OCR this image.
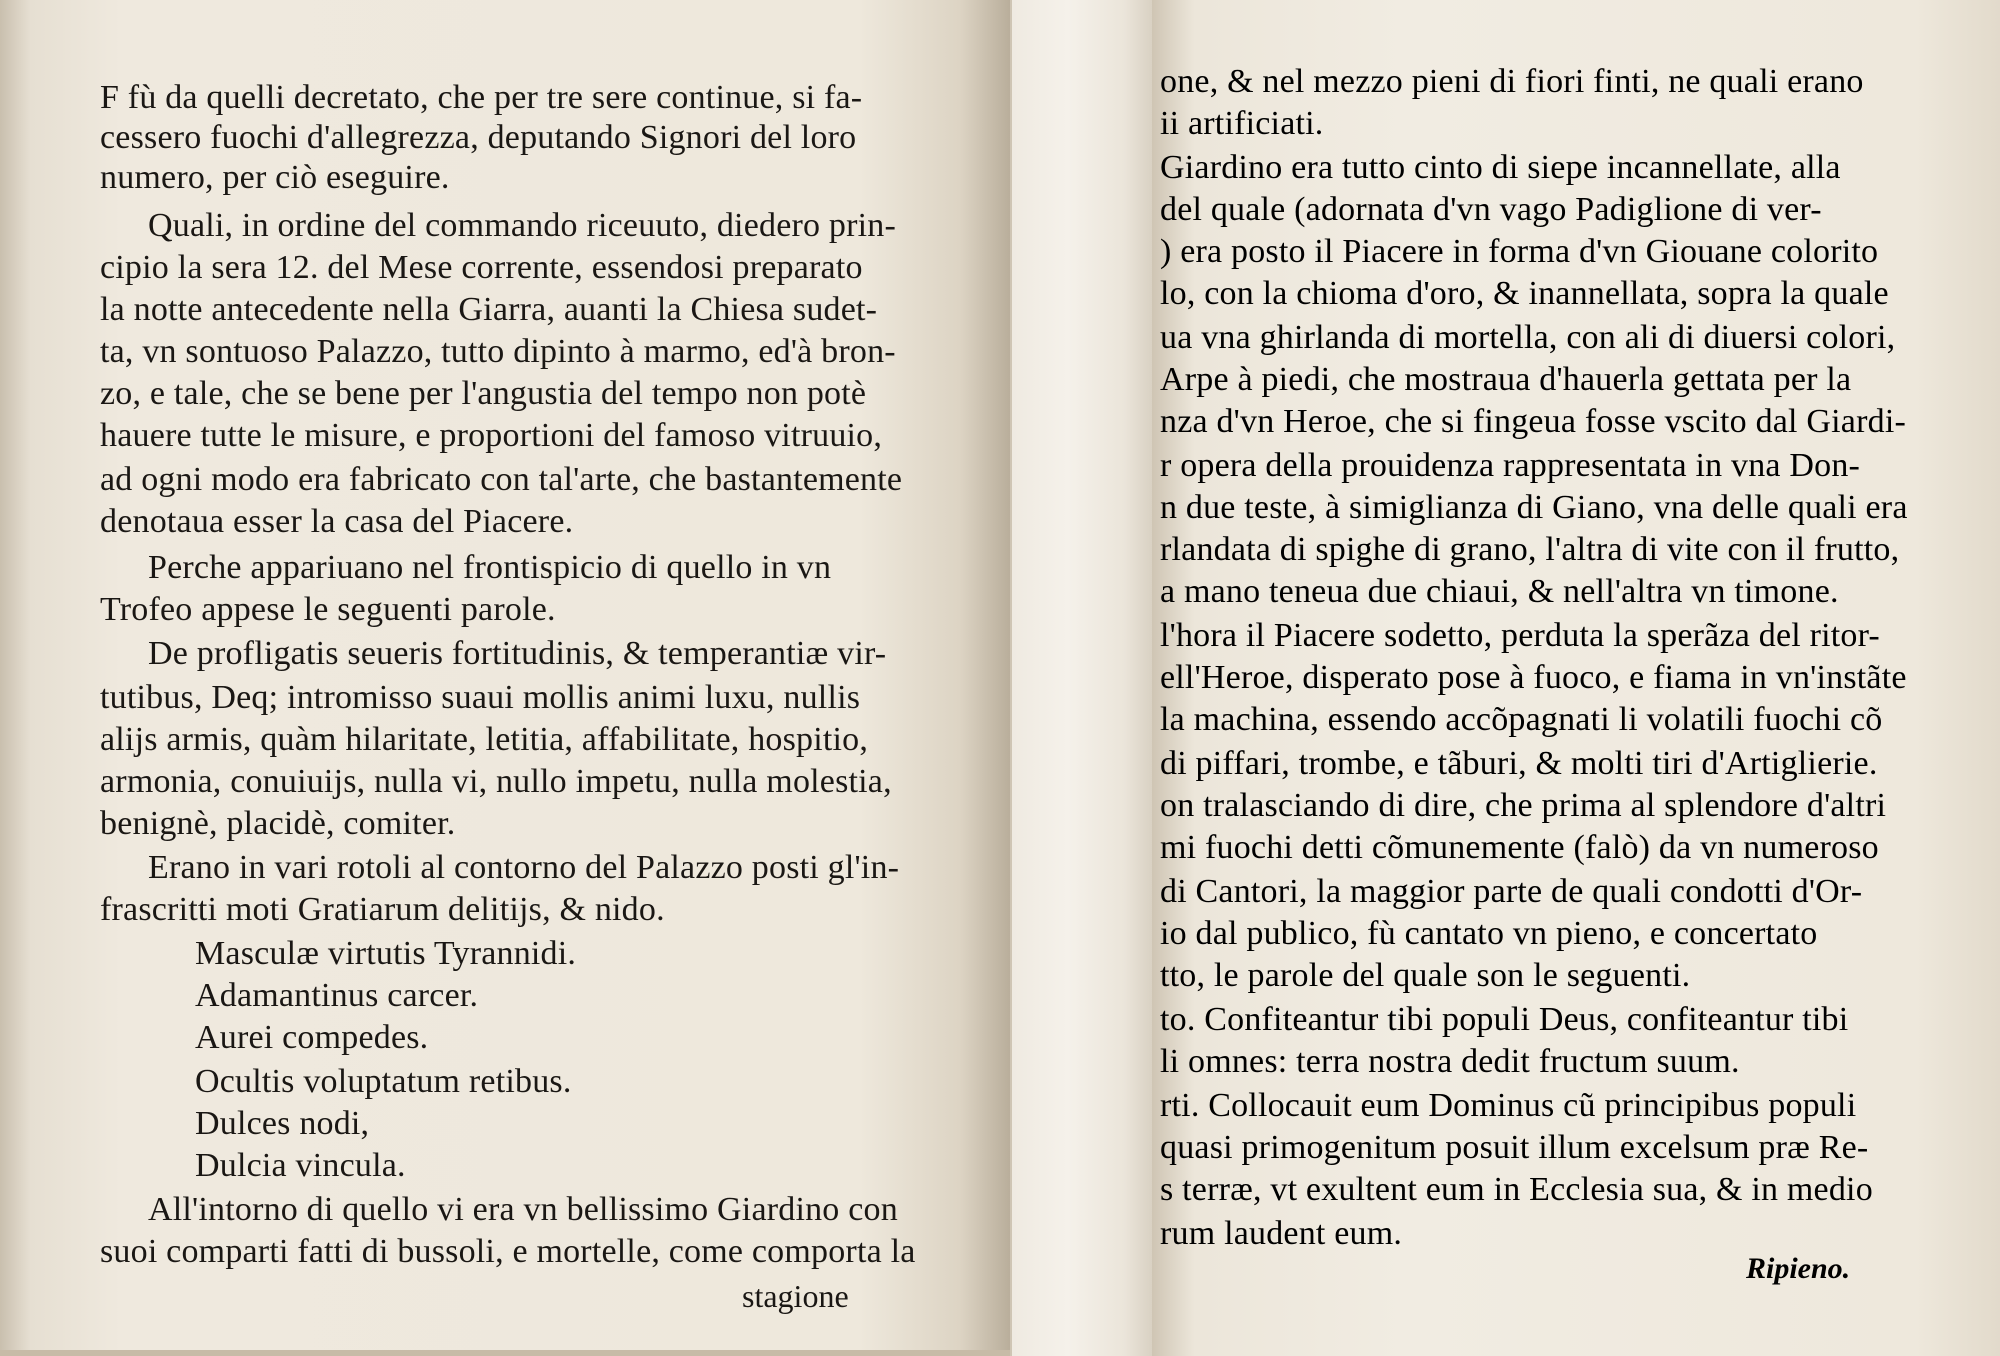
F fù da quelli decretato, che per tre sere continue, si fa-
cessero fuochi d'allegrezza, deputando Signori del loro
numero, per ciò eseguire.
Quali, in ordine del commando riceuuto, diedero prin-
cipio la sera 12. del Mese corrente, essendosi preparato
la notte antecedente nella Giarra, auanti la Chiesa sudet-
ta, vn sontuoso Palazzo, tutto dipinto à marmo, ed'à bron-
zo, e tale, che se bene per l'angustia del tempo non potè
hauere tutte le misure, e proportioni del famoso vitruuio,
ad ogni modo era fabricato con tal'arte, che bastantemente
denotaua esser la casa del Piacere.
Perche appariuano nel frontispicio di quello in vn
Trofeo appese le seguenti parole.
De profligatis seueris fortitudinis, & temperantiæ vir-
tutibus, Deq; intromisso suaui mollis animi luxu, nullis
alijs armis, quàm hilaritate, letitia, affabilitate, hospitio,
armonia, conuiuijs, nulla vi, nullo impetu, nulla molestia,
benignè, placidè, comiter.
Erano in vari rotoli al contorno del Palazzo posti gl'in-
frascritti moti Gratiarum delitijs, & nido.
Masculæ virtutis Tyrannidi.
Adamantinus carcer.
Aurei compedes.
Ocultis voluptatum retibus.
Dulces nodi,
Dulcia vincula.
All'intorno di quello vi era vn bellissimo Giardino con
suoi comparti fatti di bussoli, e mortelle, come comporta la
stagione
one, & nel mezzo pieni di fiori finti, ne quali erano
ii artificiati.
Giardino era tutto cinto di siepe incannellate, alla
del quale (adornata d'vn vago Padiglione di ver-
) era posto il Piacere in forma d'vn Giouane colorito
lo, con la chioma d'oro, & inannellata, sopra la quale
ua vna ghirlanda di mortella, con ali di diuersi colori,
Arpe à piedi, che mostraua d'hauerla gettata per la
nza d'vn Heroe, che si fingeua fosse vscito dal Giardi-
r opera della prouidenza rappresentata in vna Don-
n due teste, à simiglianza di Giano, vna delle quali era
rlandata di spighe di grano, l'altra di vite con il frutto,
a mano teneua due chiaui, & nell'altra vn timone.
l'hora il Piacere sodetto, perduta la sperãza del ritor-
ell'Heroe, disperato pose à fuoco, e fiama in vn'instãte
la machina, essendo accõpagnati li volatili fuochi cõ
di piffari, trombe, e tãburi, & molti tiri d'Artiglierie.
on tralasciando di dire, che prima al splendore d'altri
mi fuochi detti cõmunemente (falò) da vn numeroso
di Cantori, la maggior parte de quali condotti d'Or-
io dal publico, fù cantato vn pieno, e concertato
tto, le parole del quale son le seguenti.
to. Confiteantur tibi populi Deus, confiteantur tibi
li omnes: terra nostra dedit fructum suum.
rti. Collocauit eum Dominus cũ principibus populi
quasi primogenitum posuit illum excelsum præ Re-
s terræ, vt exultent eum in Ecclesia sua, & in medio
rum laudent eum.
Ripieno.
